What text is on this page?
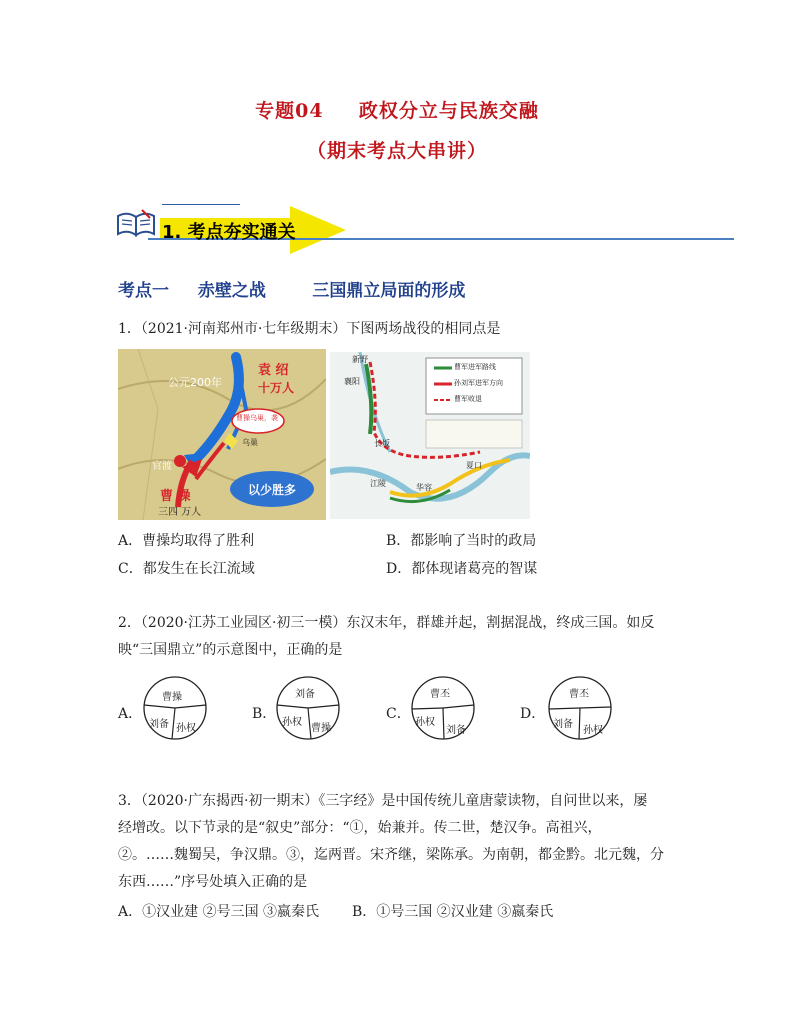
专题04　  政权分立与民族交融
（期末考点大串讲）
1. 考点夯实通关
考点一　  赤壁之战　     三国鼎立局面的形成
1．（2021·河南郑州市·七年级期末）下图两场战役的相同点是
公元200年
袁 绍
十万人
曹操乌巢，袭
乌巢
官渡
曹 操
三四 万人
以少胜多
曹军进军路线
孙刘军进军方向
曹军败退
新野
襄阳
长坂
江陵	华容
夏口
A．曹操均取得了胜利	B．都影响了当时的政局
C．都发生在长江流域	D．都体现诸葛亮的智谋
2．（2020·江苏工业园区·初三一模）东汉末年，群雄并起，割据混战，终成三国。如反
映“三国鼎立”的示意图中，正确的是
A．
曹操
刘备 孙权
B．
刘备
孙权
曹操
C．
曹丕
孙权
刘备
D．
曹丕
刘备
孙权
3．（2020·广东揭西·初一期末）《三字经》是中国传统儿童唐蒙读物，自问世以来，屡
经增改。以下节录的是“叙史”部分：“①，始兼并。传二世，楚汉争。高祖兴，
②。……魏蜀吴，争汉鼎。③，迄两晋。宋齐继，梁陈承。为南朝，都金黔。北元魏，分
东西……”序号处填入正确的是
A．①汉业建 ②号三国 ③嬴秦氏 B．①号三国 ②汉业建 ③嬴秦氏
